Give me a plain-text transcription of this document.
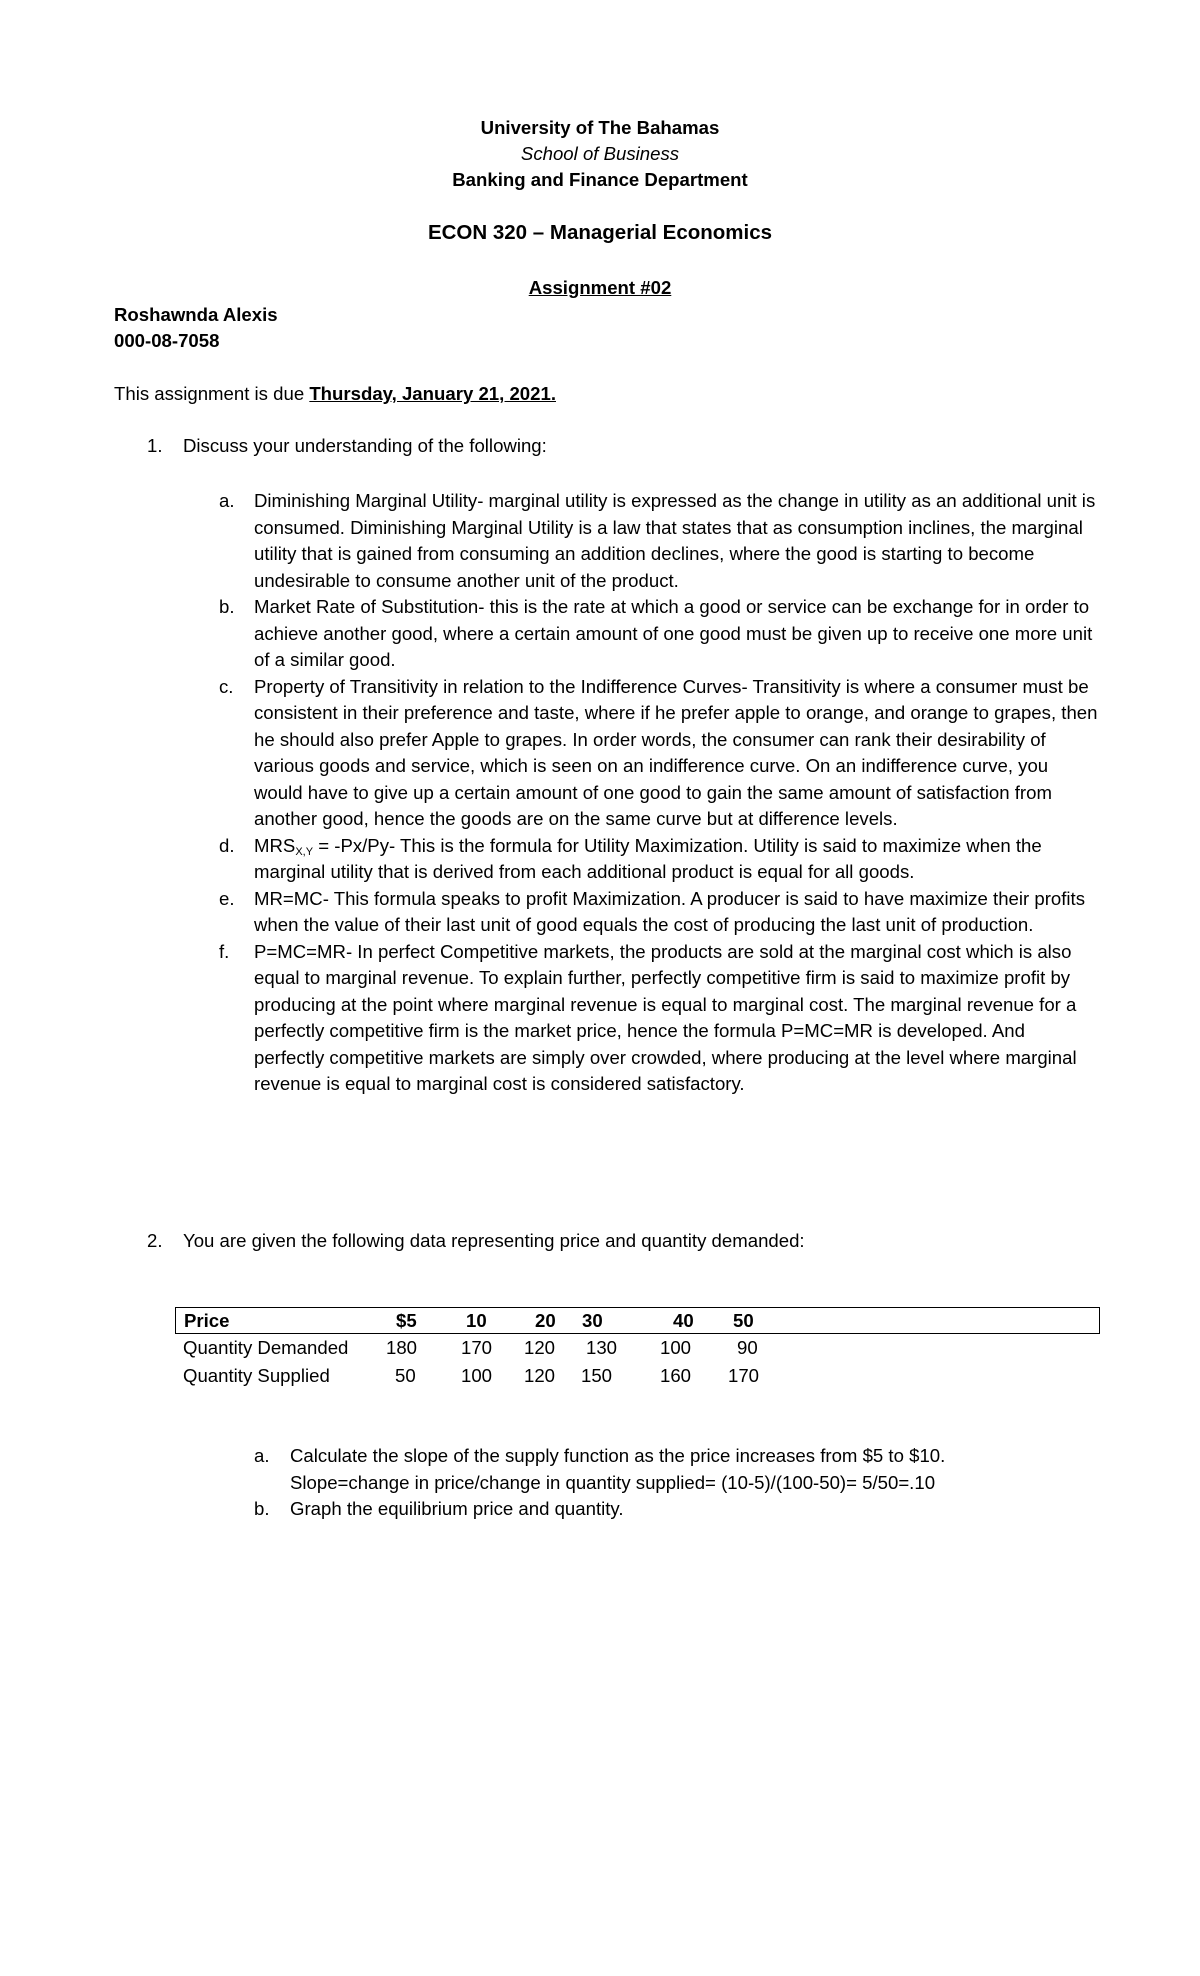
University of The Bahamas
School of Business
Banking and Finance Department
ECON 320 – Managerial Economics
Assignment #02
Roshawnda Alexis
000-08-7058
This assignment is due Thursday, January 21, 2021.
1. Discuss your understanding of the following:
a. Diminishing Marginal Utility- marginal utility is expressed as the change in utility as an additional unit is consumed. Diminishing Marginal Utility is a law that states that as consumption inclines, the marginal utility that is gained from consuming an addition declines, where the good is starting to become undesirable to consume another unit of the product.

b. Market Rate of Substitution- this is the rate at which a good or service can be exchange for in order to achieve another good, where a certain amount of one good must be given up to receive one more unit of a similar good.

c. Property of Transitivity in relation to the Indifference Curves- Transitivity is where a consumer must be consistent in their preference and taste, where if he prefer apple to orange, and orange to grapes, then he should also prefer Apple to grapes. In order words, the consumer can rank their desirability of various goods and service, which is seen on an indifference curve. On an indifference curve, you would have to give up a certain amount of one good to gain the same amount of satisfaction from another good, hence the goods are on the same curve but at difference levels.

d. $MRS_{X,Y} = -Px/Py-$ This is the formula for Utility Maximization. Utility is said to maximize when the marginal utility that is derived from each additional product is equal for all goods.

e. MR=MC- This formula speaks to profit Maximization. A producer is said to have maximize their profits when the value of their last unit of good equals the cost of producing the last unit of production.

f. P=MC=MR- In perfect Competitive markets, the products are sold at the marginal cost which is also equal to marginal revenue. To explain further, perfectly competitive firm is said to maximize profit by producing at the point where marginal revenue is equal to marginal cost. The marginal revenue for a perfectly competitive firm is the market price, hence the formula P=MC=MR is developed. And perfectly competitive markets are simply over crowded, where producing at the level where marginal revenue is equal to marginal cost is considered satisfactory.

2. You are given the following data representing price and quantity demanded:
Price	$5	10	20 30	40 50
Quantity Demanded 180 170 120 130 100 90
Quantity Supplied	50 100 120 150	160 170
a. Calculate the slope of the supply function as the price increases from $5 to $10.

Slope=change in price/change in quantity supplied= (10-5)/(100-50)= 5/50=.10

b. Graph the equilibrium price and quantity.
